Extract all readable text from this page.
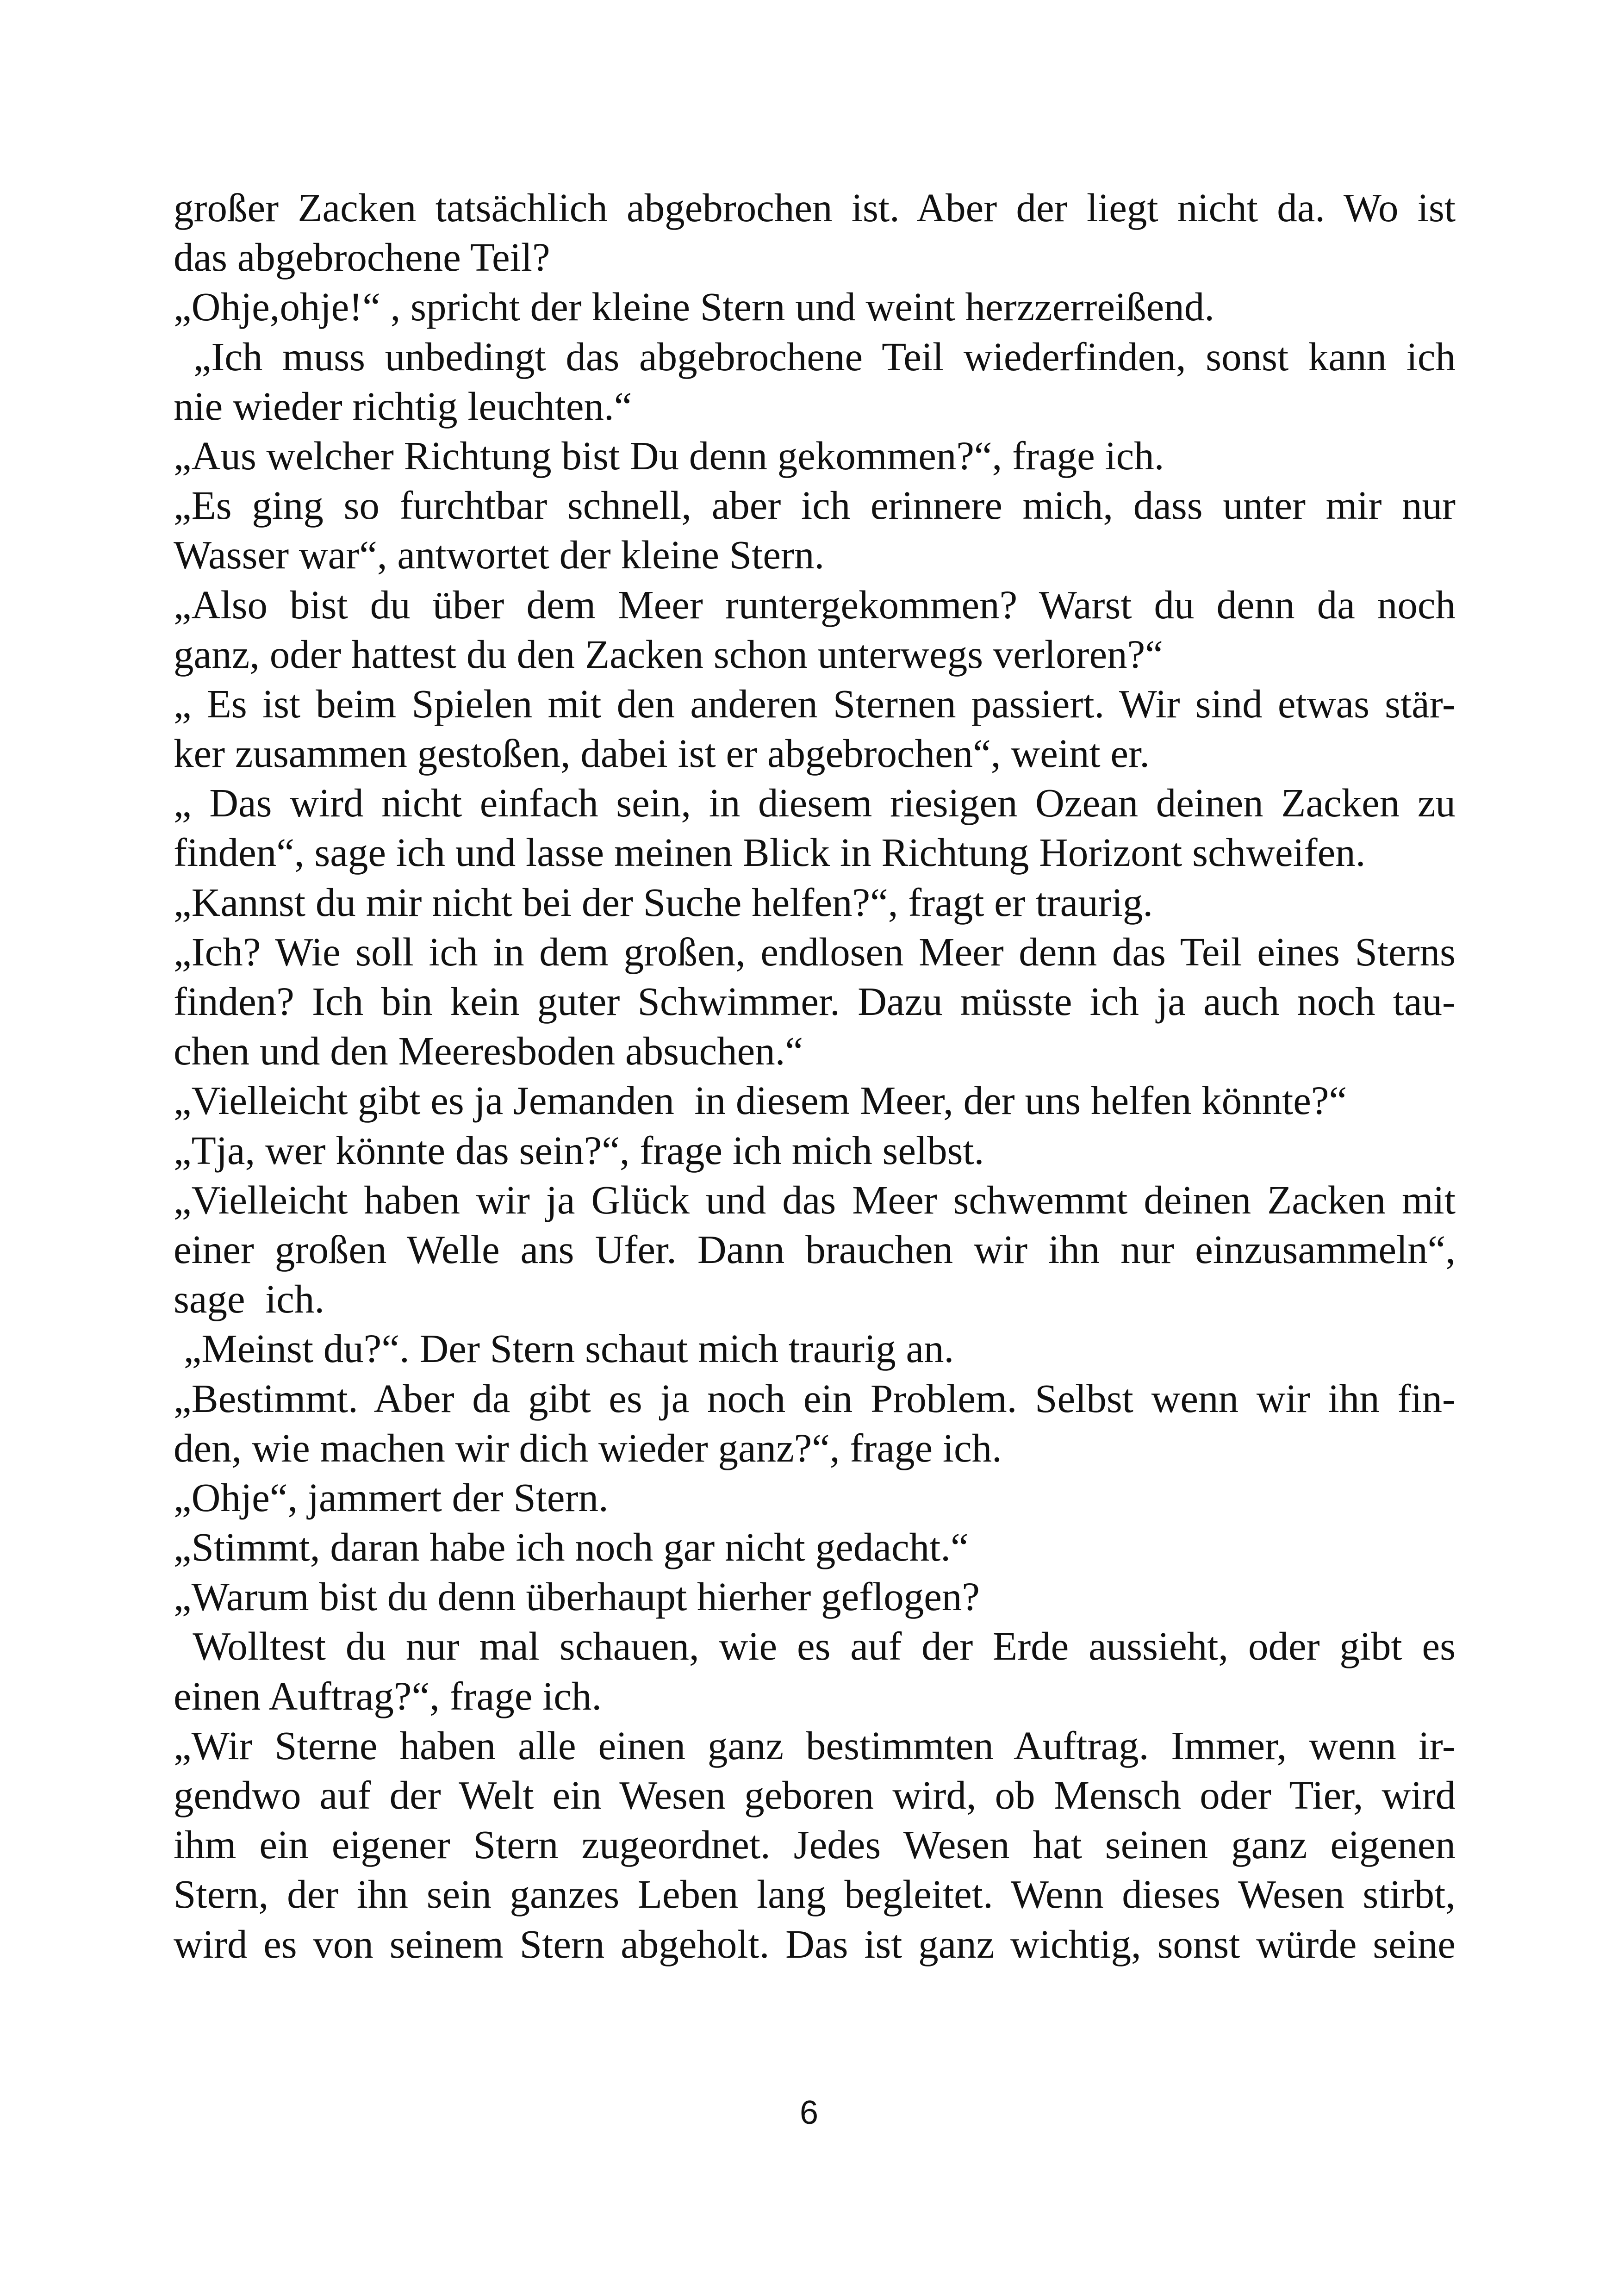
großer Zacken tatsächlich abgebrochen ist. Aber der liegt nicht da. Wo ist

das abgebrochene Teil?

„Ohje,ohje!“ , spricht der kleine Stern und weint herzzerreißend.

„Ich muss unbedingt das abgebrochene Teil wiederfinden, sonst kann ich

nie wieder richtig leuchten.“

„Aus welcher Richtung bist Du denn gekommen?“, frage ich.

„Es ging so furchtbar schnell, aber ich erinnere mich, dass unter mir nur

Wasser war“, antwortet der kleine Stern.

„Also bist du über dem Meer runtergekommen? Warst du denn da noch

ganz, oder hattest du den Zacken schon unterwegs verloren?“

„ Es ist beim Spielen mit den anderen Sternen passiert. Wir sind etwas stär-

ker zusammen gestoßen, dabei ist er abgebrochen“, weint er.

„ Das wird nicht einfach sein, in diesem riesigen Ozean deinen Zacken zu

finden“, sage ich und lasse meinen Blick in Richtung Horizont schweifen.

„Kannst du mir nicht bei der Suche helfen?“, fragt er traurig.

„Ich? Wie soll ich in dem großen, endlosen Meer denn das Teil eines Sterns

finden? Ich bin kein guter Schwimmer. Dazu müsste ich ja auch noch tau-

chen und den Meeresboden absuchen.“

„Vielleicht gibt es ja Jemanden  in diesem Meer, der uns helfen könnte?“

„Tja, wer könnte das sein?“, frage ich mich selbst.

„Vielleicht haben wir ja Glück und das Meer schwemmt deinen Zacken mit

einer großen Welle ans Ufer. Dann brauchen wir ihn nur einzusammeln“,

sage  ich.

„Meinst du?“. Der Stern schaut mich traurig an.

„Bestimmt. Aber da gibt es ja noch ein Problem. Selbst wenn wir ihn fin-

den, wie machen wir dich wieder ganz?“, frage ich.

„Ohje“, jammert der Stern.

„Stimmt, daran habe ich noch gar nicht gedacht.“

„Warum bist du denn überhaupt hierher geflogen?

Wolltest du nur mal schauen, wie es auf der Erde aussieht, oder gibt es

einen Auftrag?“, frage ich.

„Wir Sterne haben alle einen ganz bestimmten Auftrag. Immer, wenn ir-

gendwo auf der Welt ein Wesen geboren wird, ob Mensch oder Tier, wird

ihm ein eigener Stern zugeordnet. Jedes Wesen hat seinen ganz eigenen

Stern, der ihn sein ganzes Leben lang begleitet. Wenn dieses Wesen stirbt,

wird es von seinem Stern abgeholt. Das ist ganz wichtig, sonst würde seine

6
